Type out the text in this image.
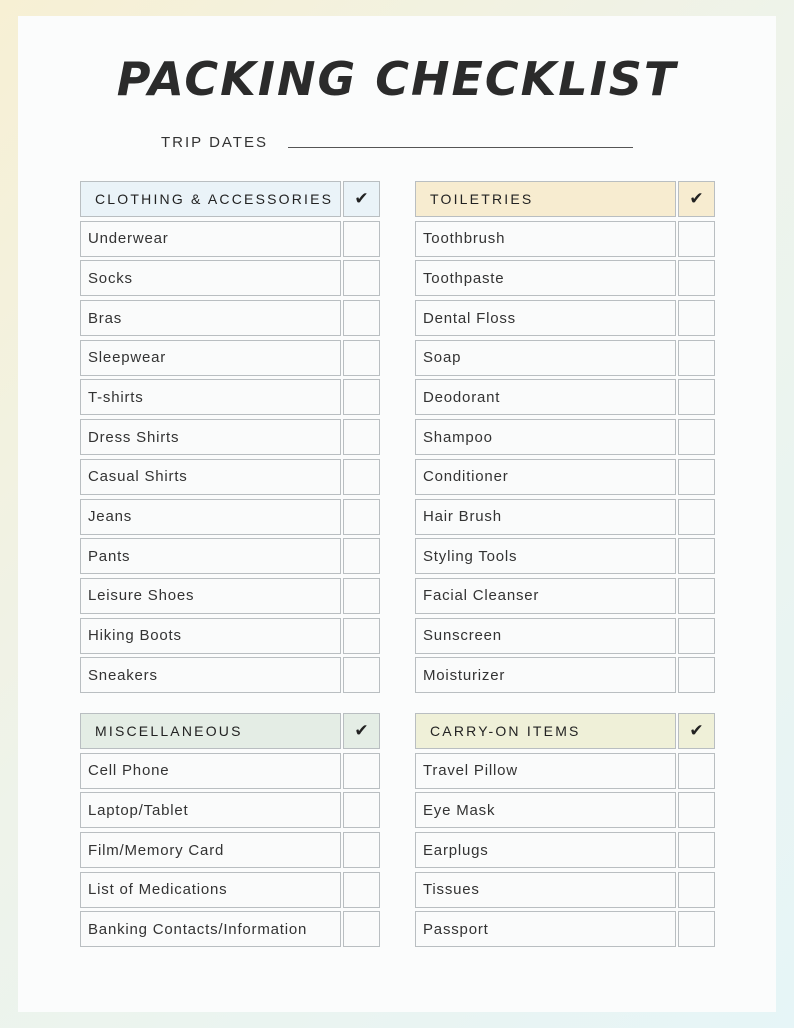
PACKING CHECKLIST
TRIP DATES
CLOTHING & ACCESSORIES	✔
Underwear
Socks
Bras
Sleepwear
T-shirts
Dress Shirts
Casual Shirts
Jeans
Pants
Leisure Shoes
Hiking Boots
Sneakers
TOILETRIES	✔
Toothbrush
Toothpaste
Dental Floss
Soap
Deodorant
Shampoo
Conditioner
Hair Brush
Styling Tools
Facial Cleanser
Sunscreen
Moisturizer
MISCELLANEOUS	✔
Cell Phone
Laptop/Tablet
Film/Memory Card
List of Medications
Banking Contacts/Information
CARRY-ON ITEMS	✔
Travel Pillow
Eye Mask
Earplugs
Tissues
Passport
